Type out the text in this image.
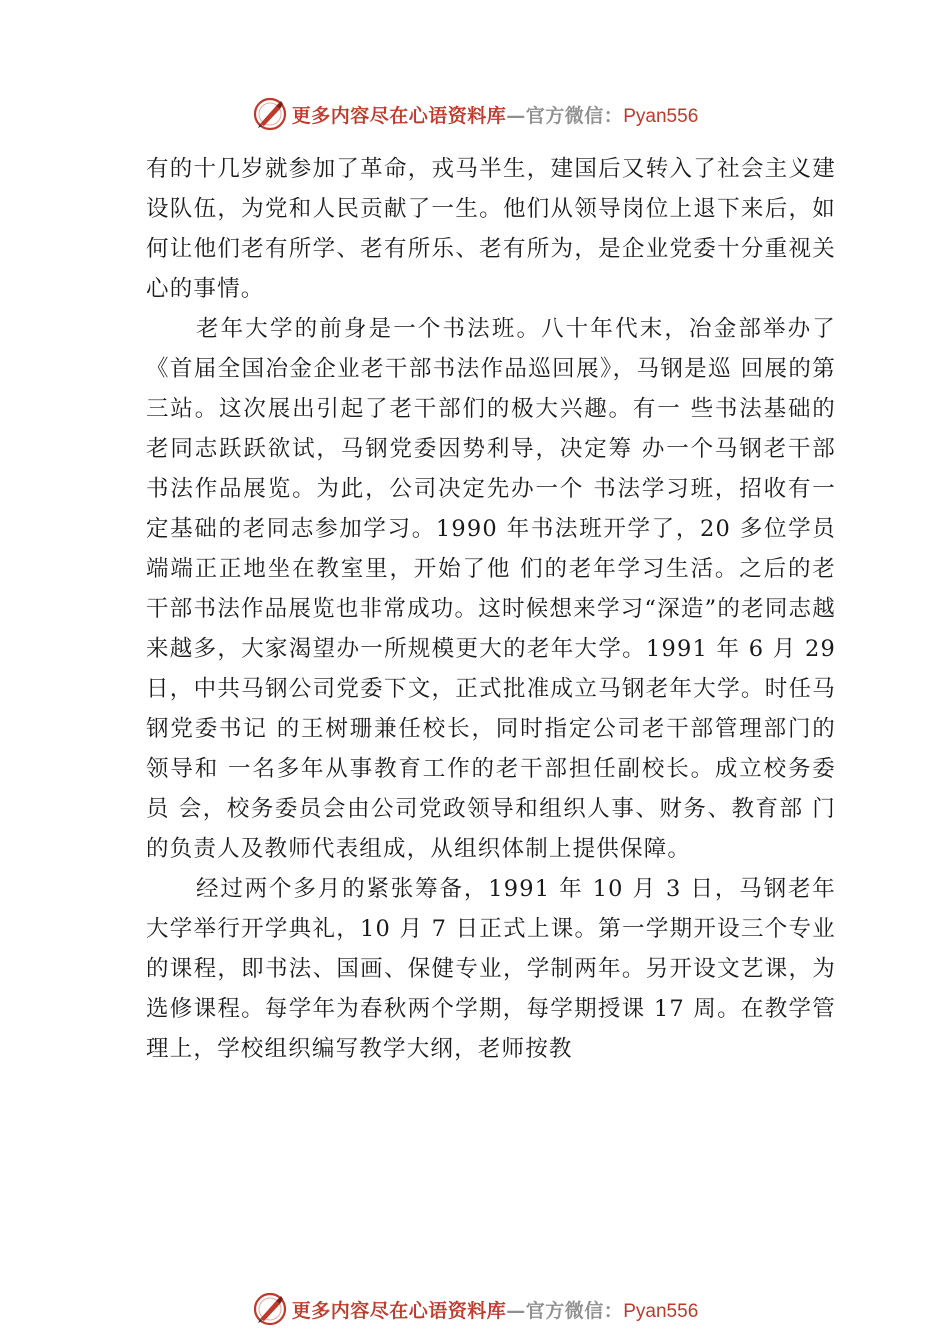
更多内容尽在心语资料库—官方微信：Pyan556

有的十几岁就参加了革命，戎马半生，建国后又转入了社会主义建设队伍，为党和人民贡献了一生。他们从领导岗位上退下来后，如何让他们老有所学、老有所乐、老有所为，是企业党委十分重视关心的事情。

老年大学的前身是一个书法班。八十年代末，冶金部举办了《首届全国冶金企业老干部书法作品巡回展》，马钢是巡 回展的第三站。这次展出引起了老干部们的极大兴趣。有一 些书法基础的老同志跃跃欲试，马钢党委因势利导，决定筹 办一个马钢老干部书法作品展览。为此，公司决定先办一个 书法学习班，招收有一定基础的老同志参加学习。1990 年书法班开学了，20 多位学员端端正正地坐在教室里，开始了他 们的老年学习生活。之后的老干部书法作品展览也非常成功。这时候想来学习“深造”的老同志越来越多，大家渴望办一所规模更大的老年大学。1991 年 6 月 29 日，中共马钢公司党委下文，正式批准成立马钢老年大学。时任马钢党委书记 的王树珊兼任校长，同时指定公司老干部管理部门的领导和 一名多年从事教育工作的老干部担任副校长。成立校务委员 会，校务委员会由公司党政领导和组织人事、财务、教育部 门的负责人及教师代表组成，从组织体制上提供保障。

经过两个多月的紧张筹备，1991 年 10 月 3 日，马钢老年大学举行开学典礼，10 月 7 日正式上课。第一学期开设三个专业的课程，即书法、国画、保健专业，学制两年。另开设文艺课，为选修课程。每学年为春秋两个学期，每学期授课 17 周。在教学管理上，学校组织编写教学大纲，老师按教

更多内容尽在心语资料库—官方微信：Pyan556
